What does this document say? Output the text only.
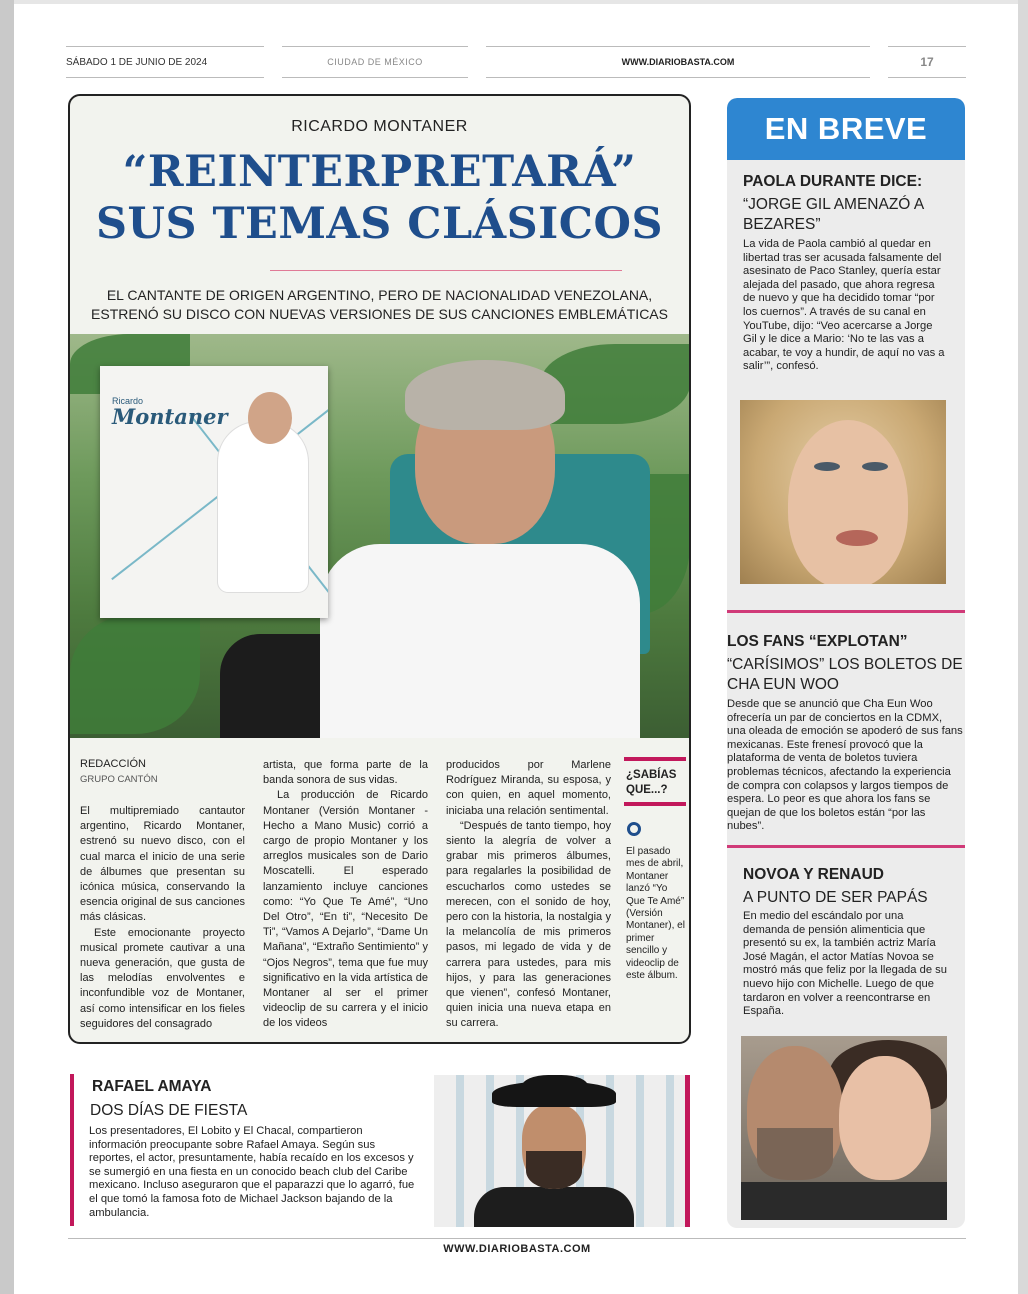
SÁBADO 1 DE JUNIO DE 2024	CIUDAD DE MÉXICO	WWW.DIARIOBASTA.COM	17
RICARDO MONTANER
“REINTERPRETARÁ”
SUS TEMAS CLÁSICOS
EL CANTANTE DE ORIGEN ARGENTINO, PERO DE NACIONALIDAD VENEZOLANA,
ESTRENÓ SU DISCO CON NUEVAS VERSIONES DE SUS CANCIONES EMBLEMÁTICAS
Ricardo
Montaner
REDACCIÓN
GRUPO CANTÓN

El multipremiado cantautor argentino, Ricardo Montaner, estrenó su nuevo disco, con el cual marca el inicio de una serie de álbumes que presentan su icónica música, conservando la esencia original de sus canciones más clásicas.

Este emocionante proyecto musical promete cautivar a una nueva generación, que gusta de las melodías envolventes e inconfundible voz de Montaner, así como intensificar en los fieles seguidores del consagrado

artista, que forma parte de la banda sonora de sus vidas.

La producción de Ricardo Montaner (Versión Montaner - Hecho a Mano Music) corrió a cargo de propio Montaner y los arreglos musicales son de Dario Moscatelli. El esperado lanzamiento incluye canciones como: “Yo Que Te Amé”, “Uno Del Otro”, “En ti”, “Necesito De Ti”, “Vamos A Dejarlo”, “Dame Un Mañana”, “Extraño Sentimiento” y “Ojos Negros”, tema que fue muy significativo en la vida artística de Montaner al ser el primer videoclip de su carrera y el inicio de los videos

producidos por Marlene Rodríguez Miranda, su esposa, y con quien, en aquel momento, iniciaba una relación sentimental.

“Después de tanto tiempo, hoy siento la alegría de volver a grabar mis primeros álbumes, para regalarles la posibilidad de escucharlos como ustedes se merecen, con el sonido de hoy, pero con la historia, la nostalgia y la melancolía de mis primeros pasos, mi legado de vida y de carrera para ustedes, para mis hijos, y para las generaciones que vienen”, confesó Montaner, quien inicia una nueva etapa en su carrera.

¿SABÍAS QUE...?
El pasado mes de abril, Montaner lanzó “Yo Que Te Amé” (Versión Montaner), el primer sencillo y videoclip de este álbum.
EN BREVE
PAOLA DURANTE DICE:
“JORGE GIL AMENAZÓ A BEZARES”
La vida de Paola cambió al quedar en libertad tras ser acusada falsamente del asesinato de Paco Stanley, quería estar alejada del pasado, que ahora regresa de nuevo y que ha decidido tomar “por los cuernos”. A través de su canal en YouTube, dijo: “Veo acercarse a Jorge Gil y le dice a Mario: ‘No te las vas a acabar, te voy a hundir, de aquí no vas a salir’”, confesó.
LOS FANS “EXPLOTAN”
“CARÍSIMOS” LOS BOLETOS DE CHA EUN WOO
Desde que se anunció que Cha Eun Woo ofrecería un par de conciertos en la CDMX, una oleada de emoción se apoderó de sus fans mexicanas. Este frenesí provocó que la plataforma de venta de boletos tuviera problemas técnicos, afectando la experiencia de compra con colapsos y largos tiempos de espera. Lo peor es que ahora los fans se quejan de que los boletos están “por las nubes”.
NOVOA Y RENAUD
A PUNTO DE SER PAPÁS
En medio del escándalo por una demanda de pensión alimenticia que presentó su ex, la también actriz María José Magán, el actor Matías Novoa se mostró más que feliz por la llegada de su nuevo hijo con Michelle. Luego de que tardaron en volver a reencontrarse en España.
RAFAEL AMAYA
DOS DÍAS DE FIESTA
Los presentadores, El Lobito y El Chacal, compartieron información preocupante sobre Rafael Amaya. Según sus reportes, el actor, presuntamente, había recaído en los excesos y se sumergió en una fiesta en un conocido beach club del Caribe mexicano. Incluso aseguraron que el paparazzi que lo agarró, fue el que tomó la famosa foto de Michael Jackson bajando de la ambulancia.
WWW.DIARIOBASTA.COM
